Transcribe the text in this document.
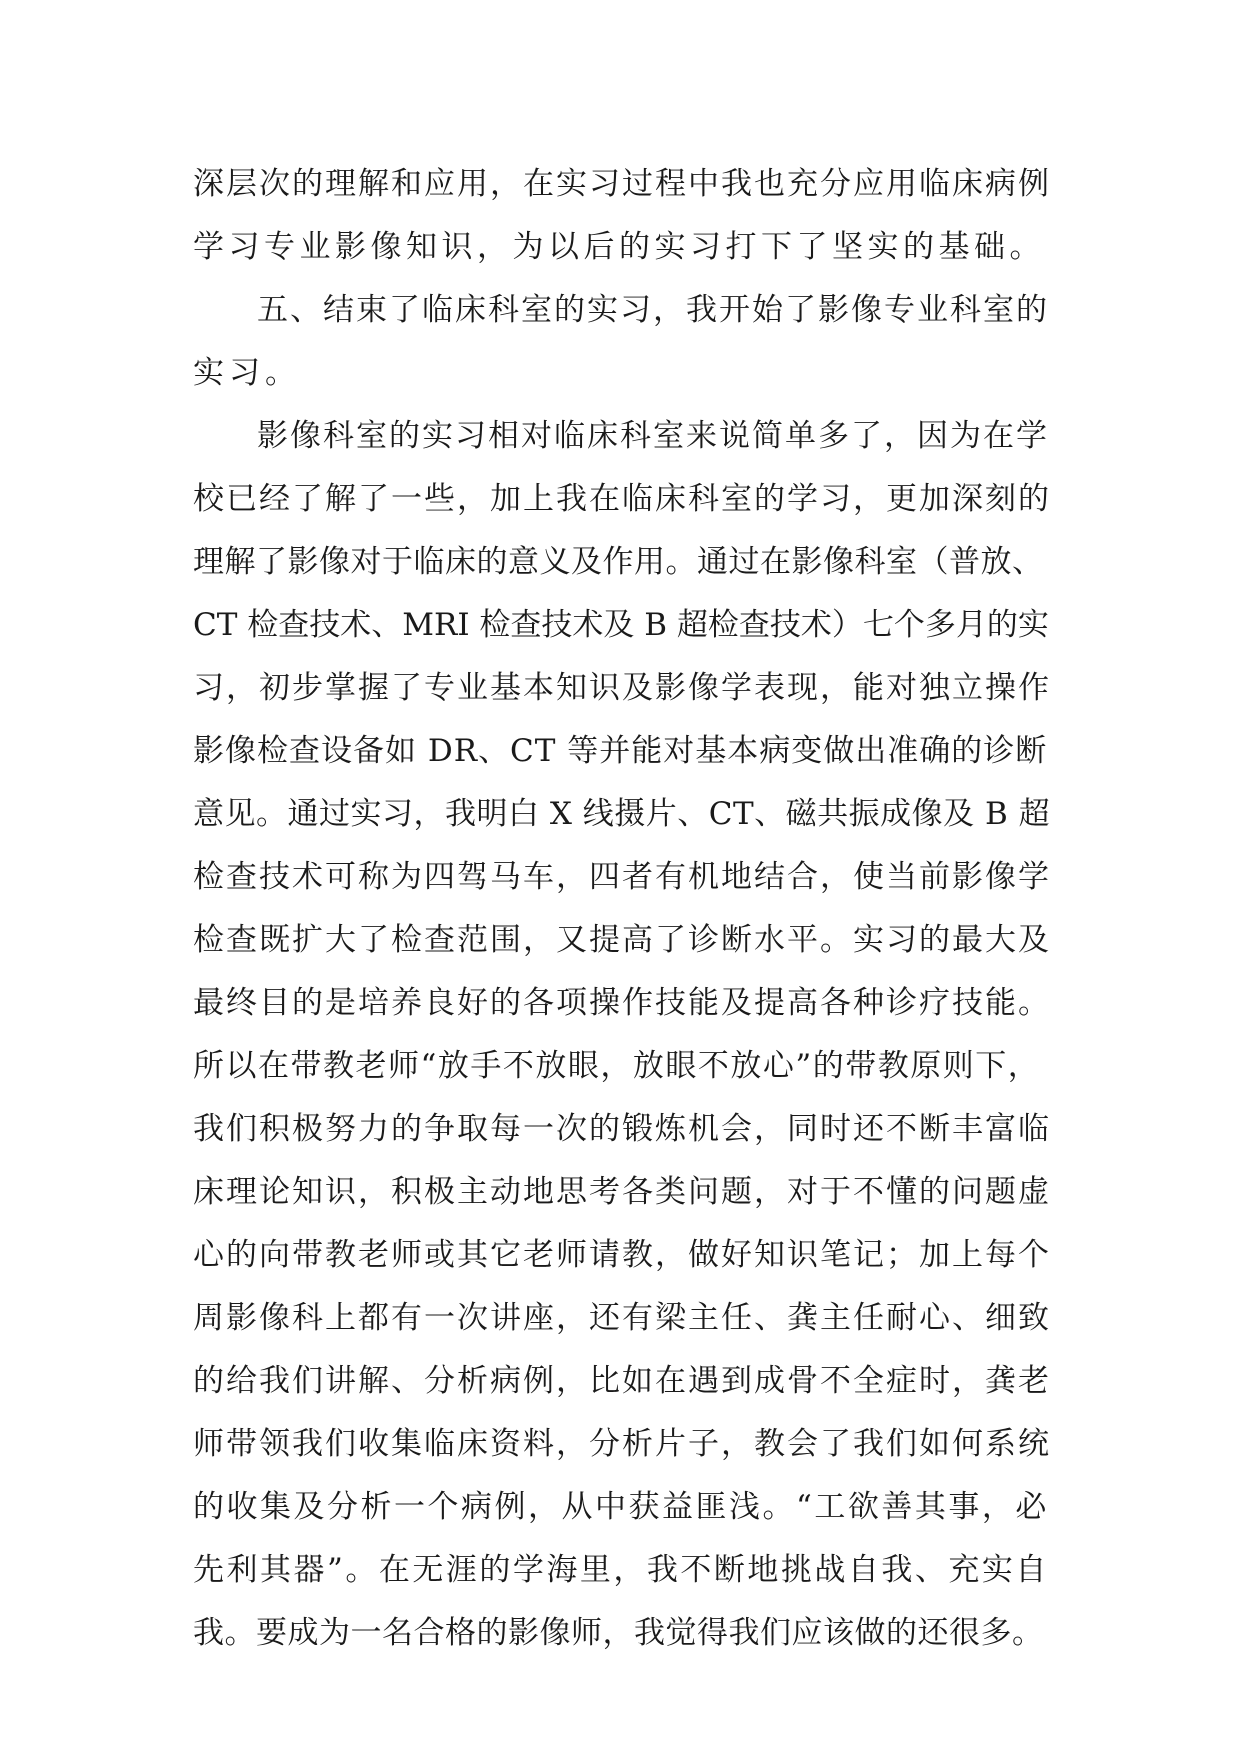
深层次的理解和应用，在实习过程中我也充分应用临床病例
学习专业影像知识，为以后的实习打下了坚实的基础。
五、结束了临床科室的实习，我开始了影像专业科室的
实习。
影像科室的实习相对临床科室来说简单多了，因为在学
校已经了解了一些，加上我在临床科室的学习，更加深刻的
理解了影像对于临床的意义及作用。通过在影像科室（普放、
CT 检查技术、MRI 检查技术及 B 超检查技术）七个多月的实
习，初步掌握了专业基本知识及影像学表现，能对独立操作
影像检查设备如 DR、CT 等并能对基本病变做出准确的诊断
意见。通过实习，我明白 X 线摄片、CT、磁共振成像及 B 超
检查技术可称为四驾马车，四者有机地结合，使当前影像学
检查既扩大了检查范围，又提高了诊断水平。实习的最大及
最终目的是培养良好的各项操作技能及提高各种诊疗技能。
所以在带教老师“放手不放眼，放眼不放心”的带教原则下，
我们积极努力的争取每一次的锻炼机会，同时还不断丰富临
床理论知识，积极主动地思考各类问题，对于不懂的问题虚
心的向带教老师或其它老师请教，做好知识笔记；加上每个
周影像科上都有一次讲座，还有梁主任、龚主任耐心、细致
的给我们讲解、分析病例，比如在遇到成骨不全症时，龚老
师带领我们收集临床资料，分析片子，教会了我们如何系统
的收集及分析一个病例，从中获益匪浅。“工欲善其事，必
先利其器”。在无涯的学海里，我不断地挑战自我、充实自
我。要成为一名合格的影像师，我觉得我们应该做的还很多。
